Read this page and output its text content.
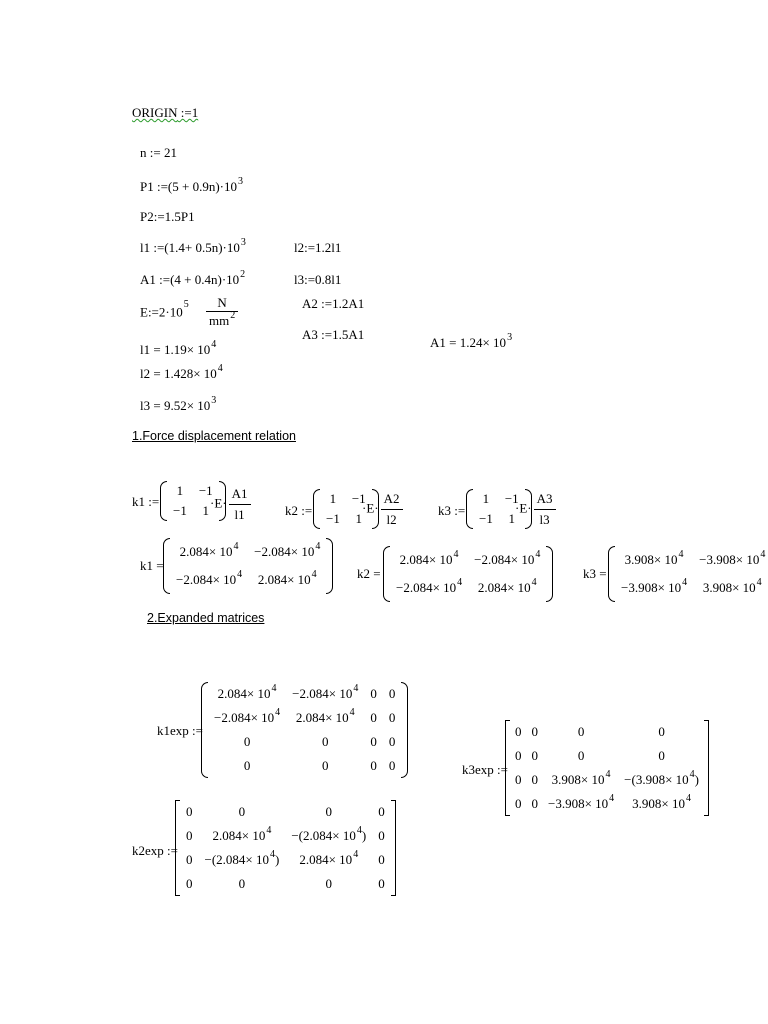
ORIGIN :=1
n := 21
P1 :=(5 + $0.9n)\cdot 10^3$
P2:=1.5P1
l1 :=(1.4+ $0.5n)\cdot 10^3$	l2:=1.2l1
A1 :=(4 + $0.4n)\cdot 10^2$	l3:=0.8l1
$E:=2\cdot 10^5 \frac{N}{mm^2}$	A2 :=1.2A1
A3 :=1.5A1
$A1 = 1.24\times 10^3$
$l1 = 1.19\times 10^4$
$l2 = 1.428\times 10^4$
$l3 = 9.52\times 10^3$
1.Force displacement relation
k1 :=
1	−1
−1	1
$\cdot E\cdot \frac{A1}{l1}$	k2 :=
1	−1
−1	1
$\cdot E\cdot \frac{A2}{l2}$	k3 :=
1	−1
−1	1
$\cdot E\cdot \frac{A3}{l3}$
k1 =
$2.084\times 10^4$	$-2.084\times 10^4$
$-2.084\times 10^4$	$2.084\times 10^4$	k2 =
$2.084\times 10^4$	$-2.084\times 10^4$
$-2.084\times 10^4$	$2.084\times 10^4$
k3 =
$3.908\times 10^4$	$-3.908\times 10^4$
$-3.908\times 10^4$	$3.908\times 10^4$
2.Expanded matrices
k1exp :=
$2.084\times 10^4$	$-2.084\times 10^4$	0	0
$-2.084\times 10^4$	$2.084\times 10^4$	0	0
0	0	0	0
0	0	0	0	k3exp :=
0	0	0	0
0	0	0	0
0	0	$3.908\times 10^4$	$-(3.908\times 10^4)$
0	0	$-3.908\times 10^4$	$3.908\times 10^4$
k2exp :=
0	0	0	0
0	$2.084\times 10^4$	$-(2.084\times 10^4)$	0
0	$-(2.084\times 10^4)$	$2.084\times 10^4$	0
0	0	0	0
